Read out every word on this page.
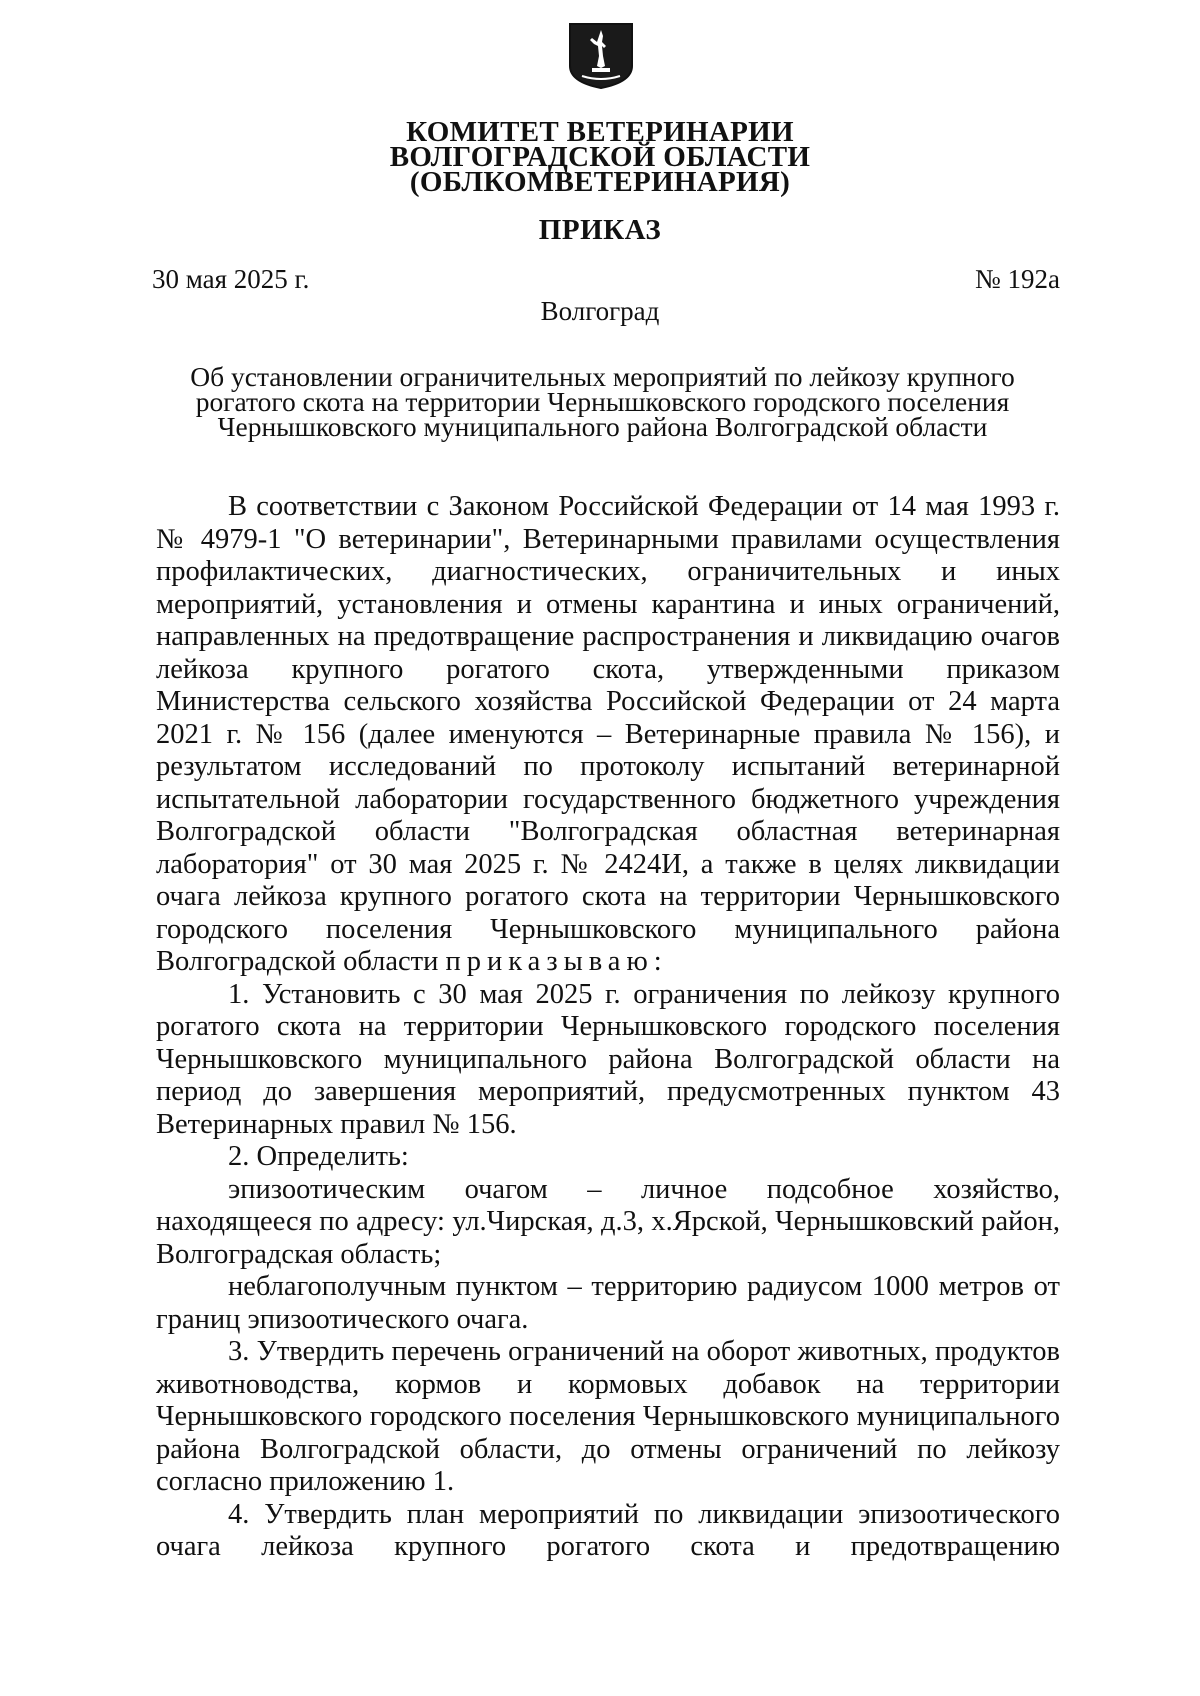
КОМИТЕТ ВЕТЕРИНАРИИ
ВОЛГОГРАДСКОЙ ОБЛАСТИ
(ОБЛКОМВЕТЕРИНАРИЯ)
ПРИКАЗ
30 мая 2025 г.	№ 192а
Волгоград
Об установлении ограничительных мероприятий по лейкозу крупного рогатого скота на территории Чернышковского городского поселения Чернышковского муниципального района Волгоградской области

В соответствии с Законом Российской Федерации от 14 мая 1993 г. № 4979-1 "О ветеринарии", Ветеринарными правилами осуществления профилактических, диагностических, ограничительных и иных мероприятий, установления и отмены карантина и иных ограничений, направленных на предотвращение распространения и ликвидацию очагов лейкоза крупного рогатого скота, утвержденными приказом Министерства сельского хозяйства Российской Федерации от 24 марта 2021 г. № 156 (далее именуются – Ветеринарные правила № 156), и результатом исследований по протоколу испытаний ветеринарной испытательной лаборатории государственного бюджетного учреждения Волгоградской области "Волгоградская областная ветеринарная лаборатория" от 30 мая 2025 г. № 2424И, а также в целях ликвидации очага лейкоза крупного рогатого скота на территории Чернышковского городского поселения Чернышковского муниципального района Волгоградской области приказываю:

1. Установить с 30 мая 2025 г. ограничения по лейкозу крупного рогатого скота на территории Чернышковского городского поселения Чернышковского муниципального района Волгоградской области на период до завершения мероприятий, предусмотренных пунктом 43 Ветеринарных правил № 156.

2. Определить:

эпизоотическим очагом – личное подсобное хозяйство, находящееся по адресу: ул.Чирская, д.3, х.Ярской, Чернышковский район, Волгоградская область;

неблагополучным пунктом – территорию радиусом 1000 метров от границ эпизоотического очага.

3. Утвердить перечень ограничений на оборот животных, продуктов животноводства, кормов и кормовых добавок на территории Чернышковского городского поселения Чернышковского муниципального района Волгоградской области, до отмены ограничений по лейкозу согласно приложению 1.

4. Утвердить план мероприятий по ликвидации эпизоотического очага лейкоза крупного рогатого скота и предотвращению
